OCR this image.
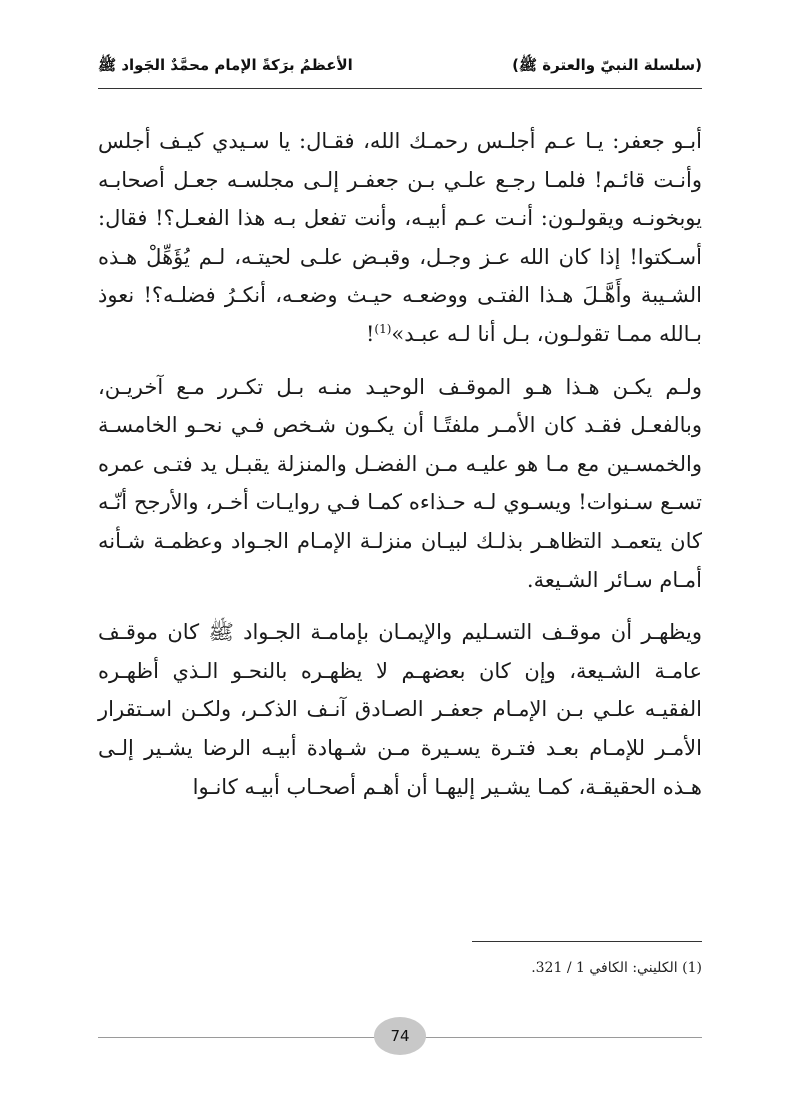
(سلسلة النبيّ والعترة ﷺ)
الأعظمُ برَكةً الإمام محمَّدٌ الجَواد ﷺ

أبـو جعفر: يـا عـم أجلـس رحمـك الله، فقـال: يا سـيدي كيـف أجلس وأنـت قائـم! فلمـا رجـع علـي بـن جعفـر إلـى مجلسـه جعـل أصحابـه يوبخونـه ويقولـون: أنـت عـم أبيـه، وأنت تفعل بـه هذا الفعـل؟! فقال: أسـكتوا! إذا كان الله عـز وجـل، وقبـض علـى لحيتـه، لـم يُؤَهِّلْ هـذه الشـيبة وأَهَّـلَ هـذا الفتـى ووضعـه حيـث وضعـه، أنكـرُ فضلـه؟! نعوذ بـالله ممـا تقولـون، بـل أنا لـه عبـد»$^{(1)}$!

ولـم يكـن هـذا هـو الموقـف الوحيـد منـه بـل تكـرر مـع آخريـن، وبالفعـل فقـد كان الأمـر ملفتًـا أن يكـون شـخص فـي نحـو الخامسـة والخمسـين مع مـا هو عليـه مـن الفضـل والمنزلة يقبـل يد فتـى عمره تسـع سـنوات! ويسـوي لـه حـذاءه كمـا فـي روايـات أخـر، والأرجح أنّـه كان يتعمـد التظاهـر بذلـك لبيـان منزلـة الإمـام الجـواد وعظمـة شـأنه أمـام سـائر الشـيعة.

ويظهـر أن موقـف التسـليم والإيمـان بإمامـة الجـواد ﷺ كان موقـف عامـة الشـيعة، وإن كان بعضهـم لا يظهـره بالنحـو الـذي أظهـره الفقيـه علـي بـن الإمـام جعفـر الصـادق آنـف الذكـر، ولكـن اسـتقرار الأمـر للإمـام بعـد فتـرة يسـيرة مـن شـهادة أبيـه الرضا يشـير إلـى هـذه الحقيقـة، كمـا يشـير إليهـا أن أهـم أصحـاب أبيـه كانـوا

(1) الكليني: الكافي 1 / 321.
74
